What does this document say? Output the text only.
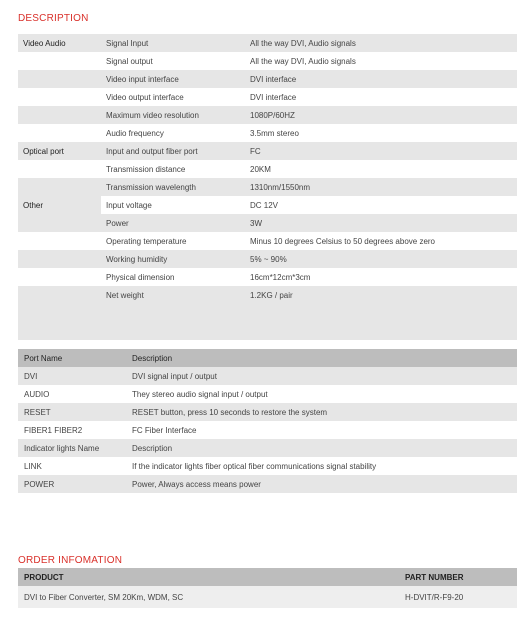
DESCRIPTION
Video Audio	Signal Input	All the way DVI, Audio signals
	Signal output	All the way DVI, Audio signals
	Video input interface	DVI interface
	Video output interface	DVI interface
	Maximum video resolution	1080P/60HZ
	Audio frequency	3.5mm stereo
Optical port	Input and output fiber port	FC
	Transmission distance	20KM
	Transmission wavelength	1310nm/1550nm
Other	Input voltage	DC 12V
	Power	3W
	Operating temperature	Minus 10 degrees Celsius to 50 degrees above zero
	Working humidity	5% ~ 90%
	Physical dimension	16cm*12cm*3cm
	Net weight	1.2KG / pair

Port Name	Description
DVI	DVI signal input / output
AUDIO	They stereo audio signal input / output
RESET	RESET button, press 10 seconds to restore the system
FIBER1 FIBER2	FC Fiber Interface
Indicator lights Name	Description
LINK	If the indicator lights fiber optical fiber communications signal stability
POWER	Power, Always access means power
ORDER INFOMATION
PRODUCT	PART NUMBER
DVI to Fiber Converter, SM 20Km, WDM, SC	H-DVIT/R-F9-20
